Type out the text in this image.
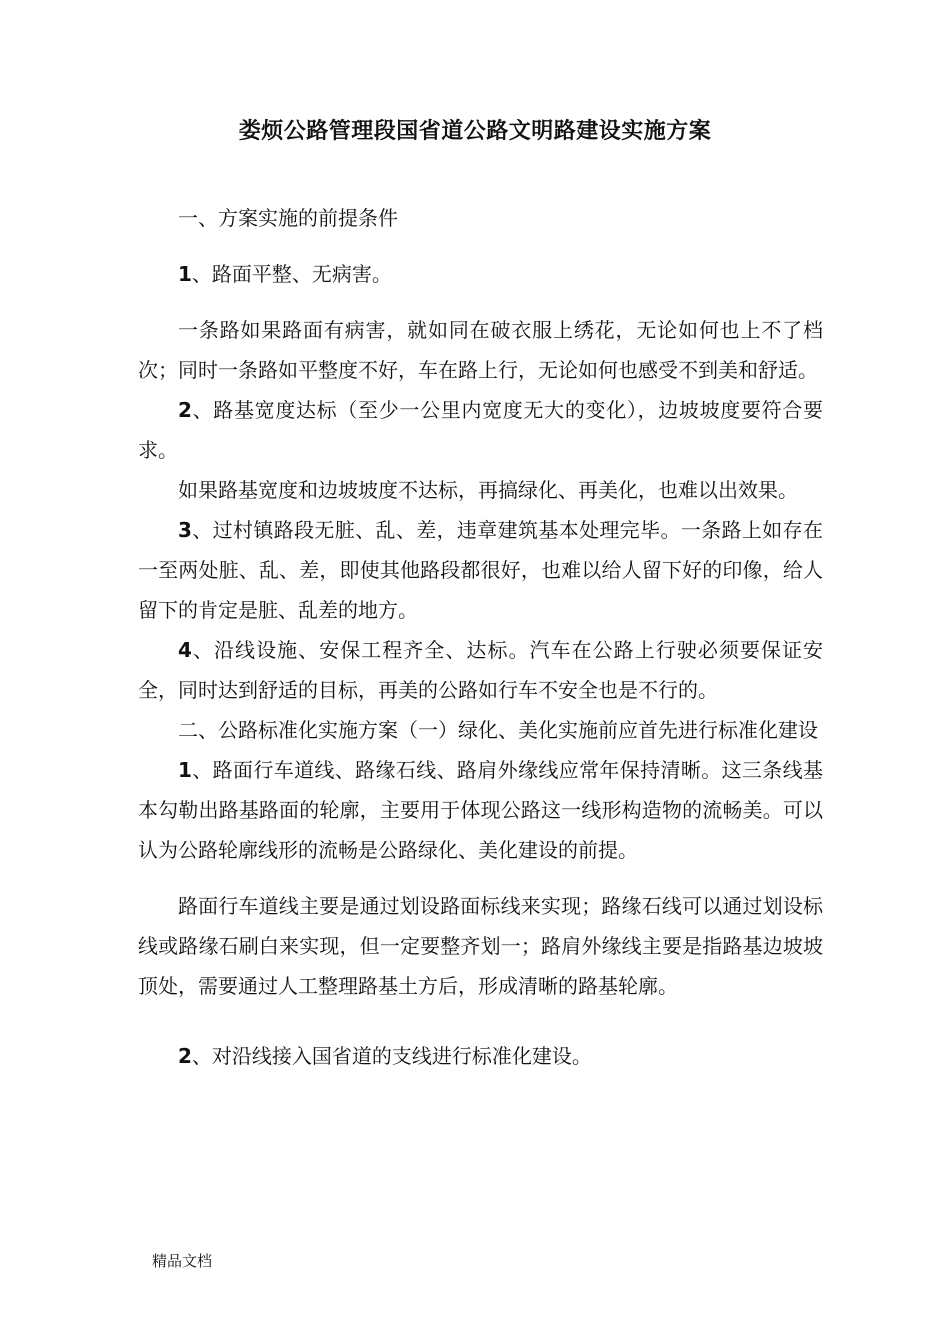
娄烦公路管理段国省道公路文明路建设实施方案

一、方案实施的前提条件

1、路面平整、无病害。

一条路如果路面有病害，就如同在破衣服上绣花，无论如何也上不了档次；同时一条路如平整度不好，车在路上行，无论如何也感受不到美和舒适。

2、路基宽度达标（至少一公里内宽度无大的变化），边坡坡度要符合要求。

如果路基宽度和边坡坡度不达标，再搞绿化、再美化，也难以出效果。

3、过村镇路段无脏、乱、差，违章建筑基本处理完毕。一条路上如存在一至两处脏、乱、差，即使其他路段都很好，也难以给人留下好的印像，给人留下的肯定是脏、乱差的地方。

4、沿线设施、安保工程齐全、达标。汽车在公路上行驶必须要保证安全，同时达到舒适的目标，再美的公路如行车不安全也是不行的。

二、公路标准化实施方案（一）绿化、美化实施前应首先进行标准化建设

1、路面行车道线、路缘石线、路肩外缘线应常年保持清晰。这三条线基本勾勒出路基路面的轮廓，主要用于体现公路这一线形构造物的流畅美。可以认为公路轮廓线形的流畅是公路绿化、美化建设的前提。

路面行车道线主要是通过划设路面标线来实现；路缘石线可以通过划设标线或路缘石刷白来实现，但一定要整齐划一；路肩外缘线主要是指路基边坡坡顶处，需要通过人工整理路基土方后，形成清晰的路基轮廓。

2、对沿线接入国省道的支线进行标准化建设。

精品文档
